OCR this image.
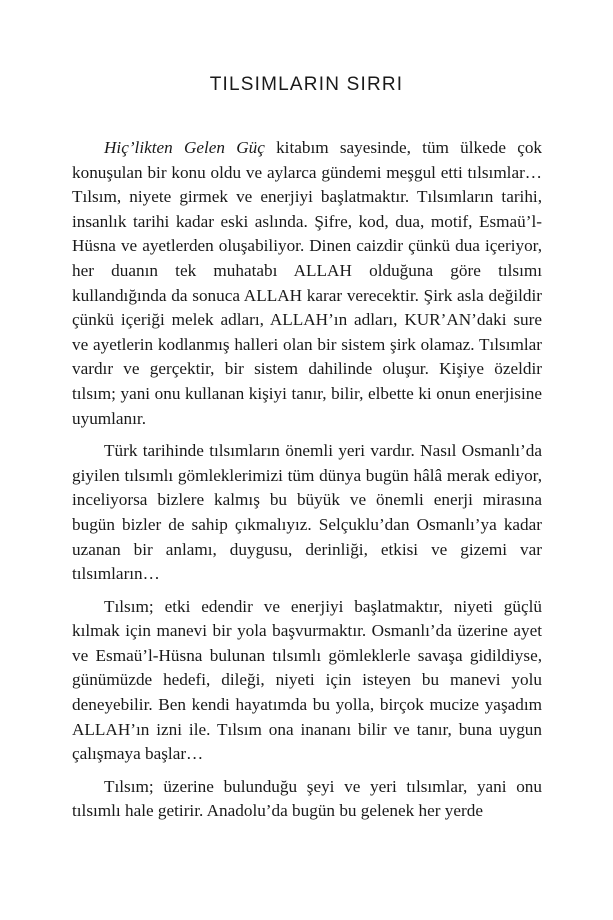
TILSIMLARIN SIRRI

Hiç’likten Gelen Güç kitabım sayesinde, tüm ülkede çok konuşulan bir konu oldu ve aylarca gündemi meşgul etti tılsımlar… Tılsım, niyete girmek ve enerjiyi başlatmaktır. Tılsımların tarihi, insanlık tarihi kadar eski aslında. Şifre, kod, dua, motif, Esmaü’l-Hüsna ve ayetlerden oluşabiliyor. Dinen caizdir çünkü dua içeriyor, her duanın tek muhatabı ALLAH olduğuna göre tılsımı kullandığında da sonuca ALLAH karar verecektir. Şirk asla değildir çünkü içeriği melek adları, ALLAH’ın adları, KUR’AN’daki sure ve ayetlerin kodlanmış halleri olan bir sistem şirk olamaz. Tılsımlar vardır ve gerçektir, bir sistem dahilinde oluşur. Kişiye özeldir tılsım; yani onu kullanan kişiyi tanır, bilir, elbette ki onun enerjisine uyumlanır.

Türk tarihinde tılsımların önemli yeri vardır. Nasıl Osmanlı’da giyilen tılsımlı gömleklerimizi tüm dünya bugün hâlâ merak ediyor, inceliyorsa bizlere kalmış bu büyük ve önemli enerji mirasına bugün bizler de sahip çıkmalıyız. Selçuklu’dan Osmanlı’ya kadar uzanan bir anlamı, duygusu, derinliği, etkisi ve gizemi var tılsımların…

Tılsım; etki edendir ve enerjiyi başlatmaktır, niyeti güçlü kılmak için manevi bir yola başvurmaktır. Osmanlı’da üzerine ayet ve Esmaü’l-Hüsna bulunan tılsımlı gömleklerle savaşa gidildiyse, günümüzde hedefi, dileği, niyeti için isteyen bu manevi yolu deneyebilir. Ben kendi hayatımda bu yolla, birçok mucize yaşadım ALLAH’ın izni ile. Tılsım ona inananı bilir ve tanır, buna uygun çalışmaya başlar…

Tılsım; üzerine bulunduğu şeyi ve yeri tılsımlar, yani onu tılsımlı hale getirir. Anadolu’da bugün bu gelenek her yerde
